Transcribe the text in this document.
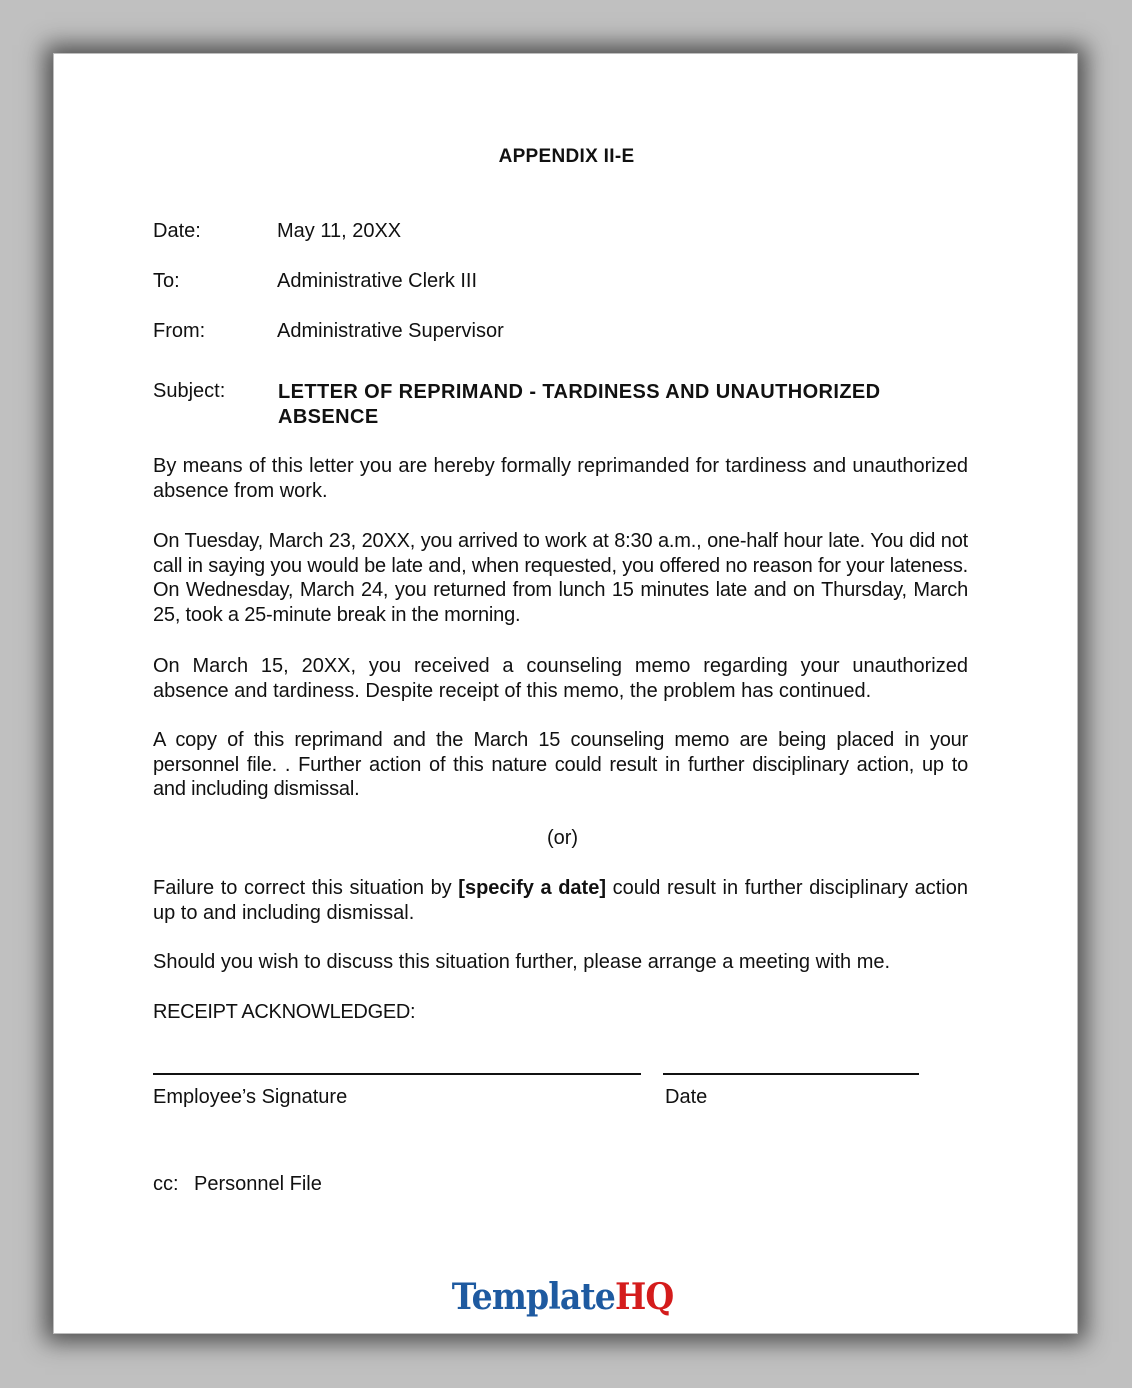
APPENDIX II-E
Date:	May 11, 20XX
To:	Administrative Clerk III
From:	Administrative Supervisor
Subject:	LETTER OF REPRIMAND - TARDINESS AND UNAUTHORIZED
ABSENCE
By means of this letter you are hereby formally reprimanded for tardiness and unauthorized absence from work.
On Tuesday, March 23, 20XX, you arrived to work at 8:30 a.m., one-half hour late. You did not call in saying you would be late and, when requested, you offered no reason for your lateness. On Wednesday, March 24, you returned from lunch 15 minutes late and on Thursday, March 25, took a 25-minute break in the morning.
On March 15, 20XX, you received a counseling memo regarding your unauthorized absence and tardiness. Despite receipt of this memo, the problem has continued.
A copy of this reprimand and the March 15 counseling memo are being placed in your personnel file. . Further action of this nature could result in further disciplinary action, up to and including dismissal.
(or)
Failure to correct this situation by [specify a date] could result in further disciplinary action up to and including dismissal.
Should you wish to discuss this situation further, please arrange a meeting with me.
RECEIPT ACKNOWLEDGED:
Employee’s Signature	Date
cc: Personnel File
TemplateHQ
